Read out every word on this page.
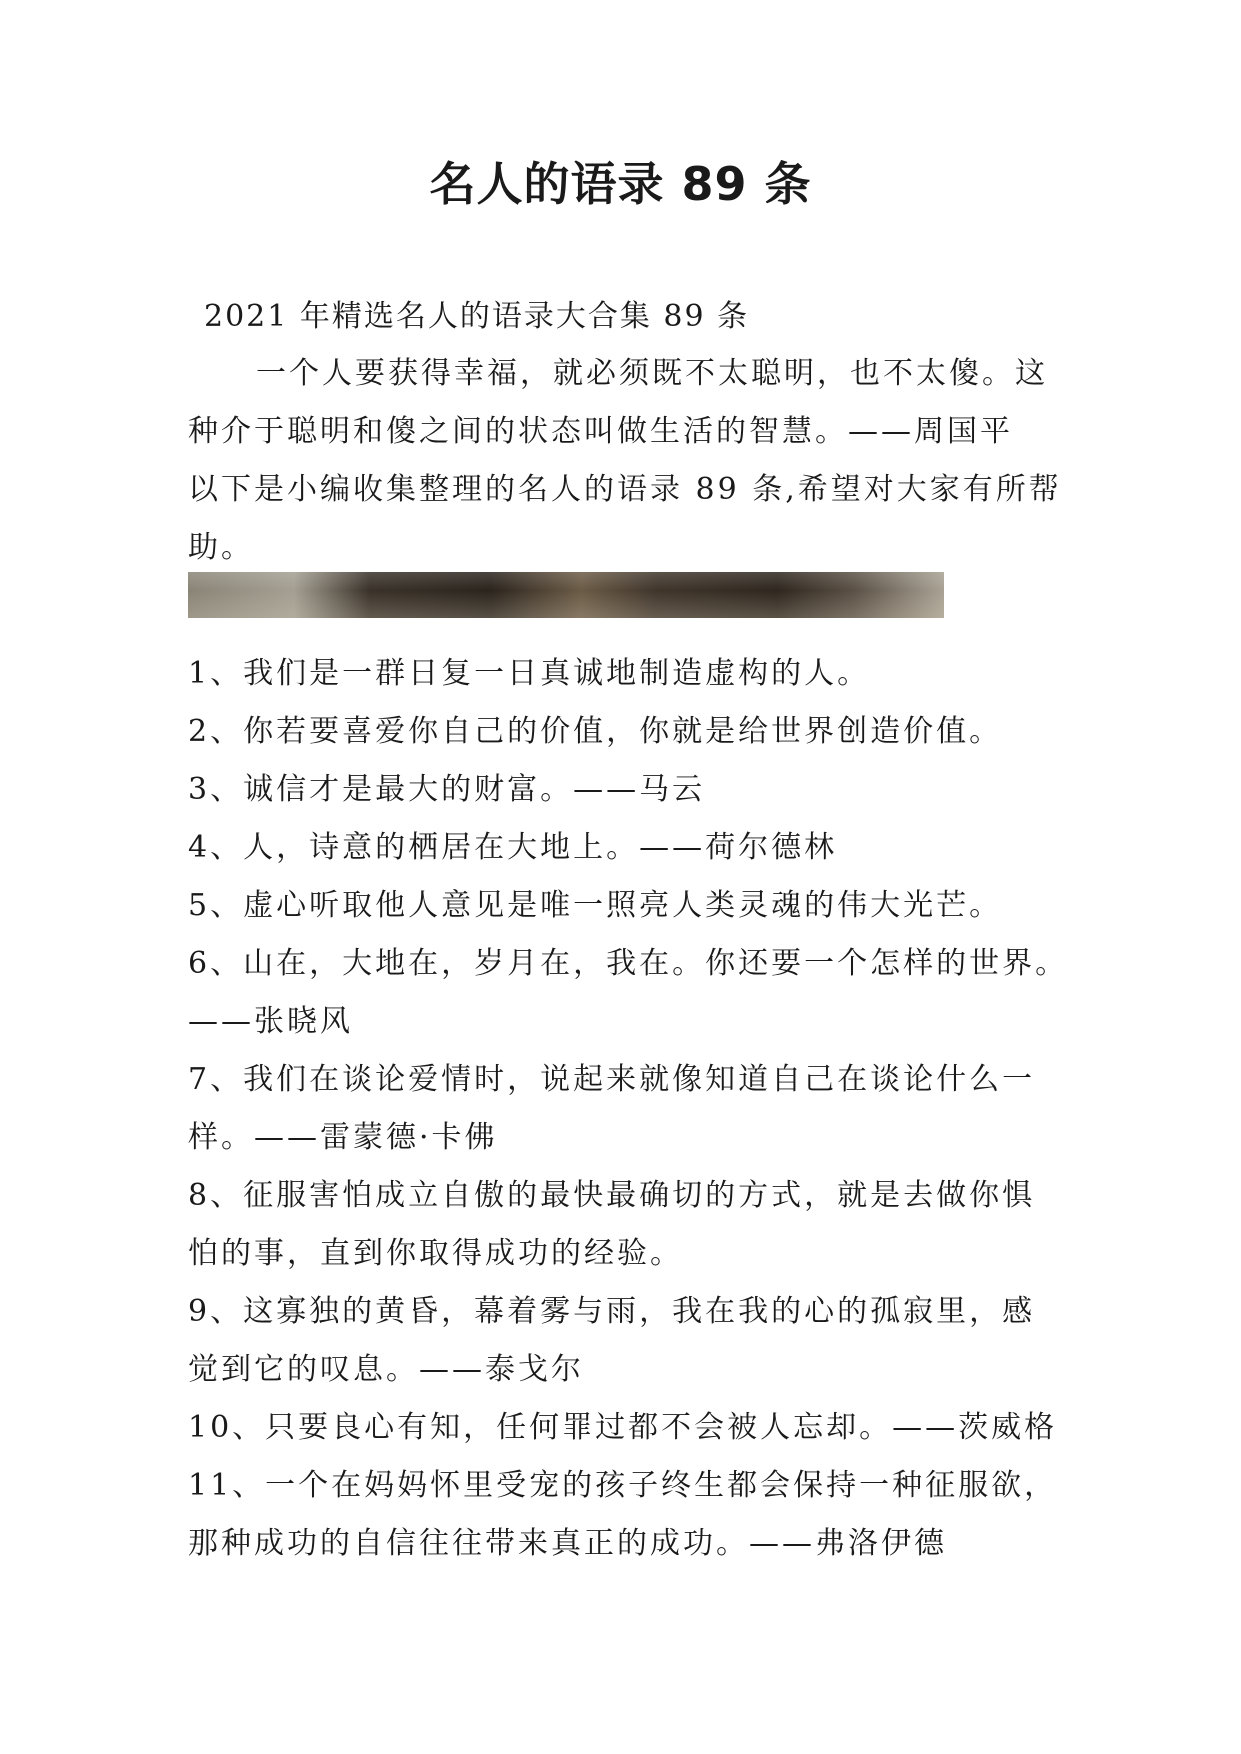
名人的语录 89 条
2021 年精选名人的语录大合集 89 条
一个人要获得幸福，就必须既不太聪明，也不太傻。这
种介于聪明和傻之间的状态叫做生活的智慧。——周国平
以下是小编收集整理的名人的语录 89 条,希望对大家有所帮
助。
1、我们是一群日复一日真诚地制造虚构的人。
2、你若要喜爱你自己的价值，你就是给世界创造价值。
3、诚信才是最大的财富。——马云
4、人，诗意的栖居在大地上。——荷尔德林
5、虚心听取他人意见是唯一照亮人类灵魂的伟大光芒。
6、山在，大地在，岁月在，我在。你还要一个怎样的世界。
——张晓风
7、我们在谈论爱情时，说起来就像知道自己在谈论什么一
样。——雷蒙德·卡佛
8、征服害怕成立自傲的最快最确切的方式，就是去做你惧
怕的事，直到你取得成功的经验。
9、这寡独的黄昏，幕着雾与雨，我在我的心的孤寂里，感
觉到它的叹息。——泰戈尔
10、只要良心有知，任何罪过都不会被人忘却。——茨威格
11、一个在妈妈怀里受宠的孩子终生都会保持一种征服欲，
那种成功的自信往往带来真正的成功。——弗洛伊德
